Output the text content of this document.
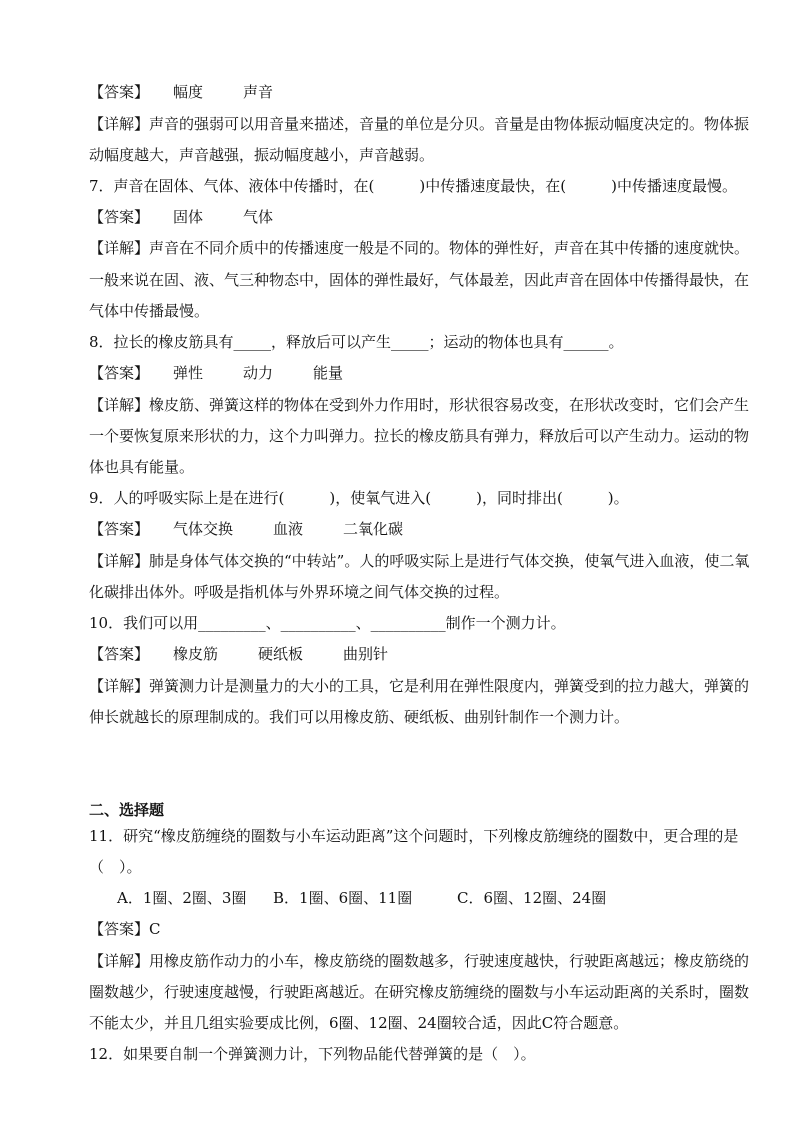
【答案】 幅度	声音
【详解】声音的强弱可以用音量来描述，音量的单位是分贝。音量是由物体振动幅度决定的。物体振
动幅度越大，声音越强，振动幅度越小，声音越弱。
7．声音在固体、气体、液体中传播时，在(　　　)中传播速度最快，在(　　　)中传播速度最慢。
【答案】 固体	气体
【详解】声音在不同介质中的传播速度一般是不同的。物体的弹性好，声音在其中传播的速度就快。
一般来说在固、液、气三种物态中，固体的弹性最好，气体最差，因此声音在固体中传播得最快，在
气体中传播最慢。
8．拉长的橡皮筋具有_____，释放后可以产生_____；运动的物体也具有______。
【答案】 弹性	动力	能量
【详解】橡皮筋、弹簧这样的物体在受到外力作用时，形状很容易改变，在形状改变时，它们会产生
一个要恢复原来形状的力，这个力叫弹力。拉长的橡皮筋具有弹力，释放后可以产生动力。运动的物
体也具有能量。
9．人的呼吸实际上是在进行(　　　)，使氧气进入(　　　)，同时排出(　　　)。
【答案】 气体交换	血液	二氧化碳
【详解】肺是身体气体交换的“中转站”。人的呼吸实际上是进行气体交换，使氧气进入血液，使二氧
化碳排出体外。呼吸是指机体与外界环境之间气体交换的过程。
10．我们可以用_________、__________、__________制作一个测力计。
【答案】 橡皮筋	硬纸板	曲别针
【详解】弹簧测力计是测量力的大小的工具，它是利用在弹性限度内，弹簧受到的拉力越大，弹簧的
伸长就越长的原理制成的。我们可以用橡皮筋、硬纸板、曲别针制作一个测力计。
二、选择题
11．研究“橡皮筋缠绕的圈数与小车运动距离”这个问题时，下列橡皮筋缠绕的圈数中，更合理的是
（　）。
A．1圈、2圈、3圈 B．1圈、6圈、11圈	C．6圈、12圈、24圈
【答案】C
【详解】用橡皮筋作动力的小车，橡皮筋绕的圈数越多，行驶速度越快，行驶距离越远；橡皮筋绕的
圈数越少，行驶速度越慢，行驶距离越近。在研究橡皮筋缠绕的圈数与小车运动距离的关系时，圈数
不能太少，并且几组实验要成比例，6圈、12圈、24圈较合适，因此C符合题意。
12．如果要自制一个弹簧测力计，下列物品能代替弹簧的是（　）。
